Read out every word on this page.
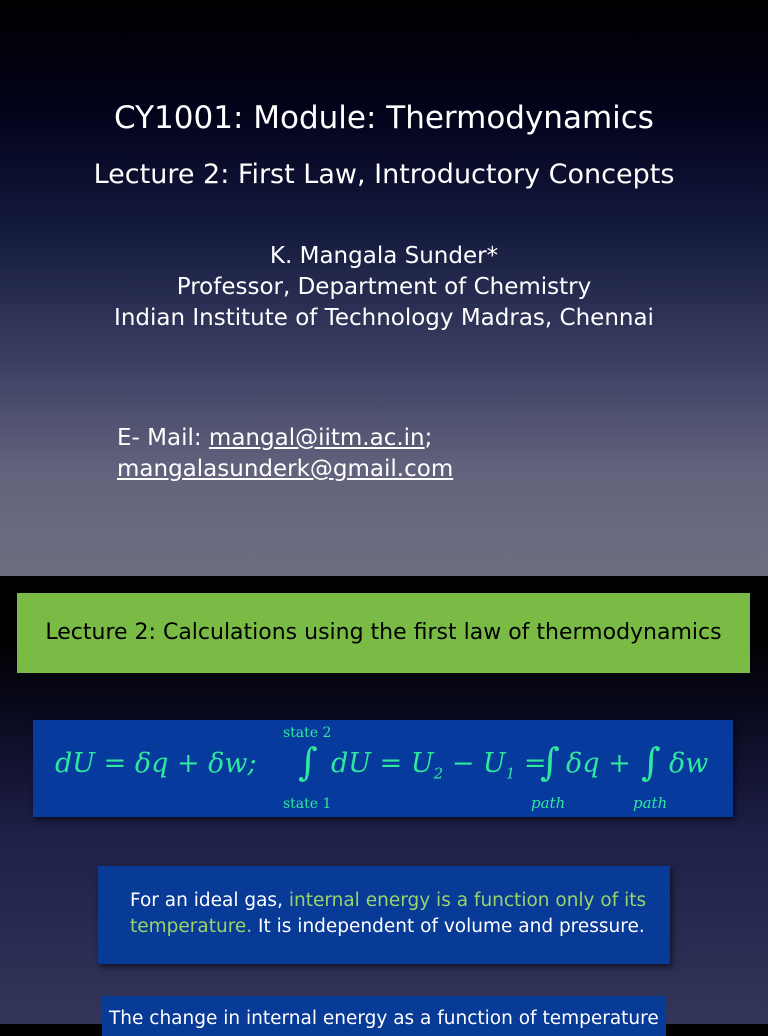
CY1001: Module: Thermodynamics
Lecture 2: First Law, Introductory Concepts
K. Mangala Sunder*
Professor, Department of Chemistry
Indian Institute of Technology Madras, Chennai
E- Mail: mangal@iitm.ac.in;
mangalasunderk@gmail.com
Lecture 2: Calculations using the first law of thermodynamics
dU = δq + δw;
state 2
∫
state 1
dU = $U_2 - U_1$ =
∫ δq + ∫ δw
path	path
For an ideal gas, internal energy is a function only of its
temperature. It is independent of volume and pressure.
The change in internal energy as a function of temperature
